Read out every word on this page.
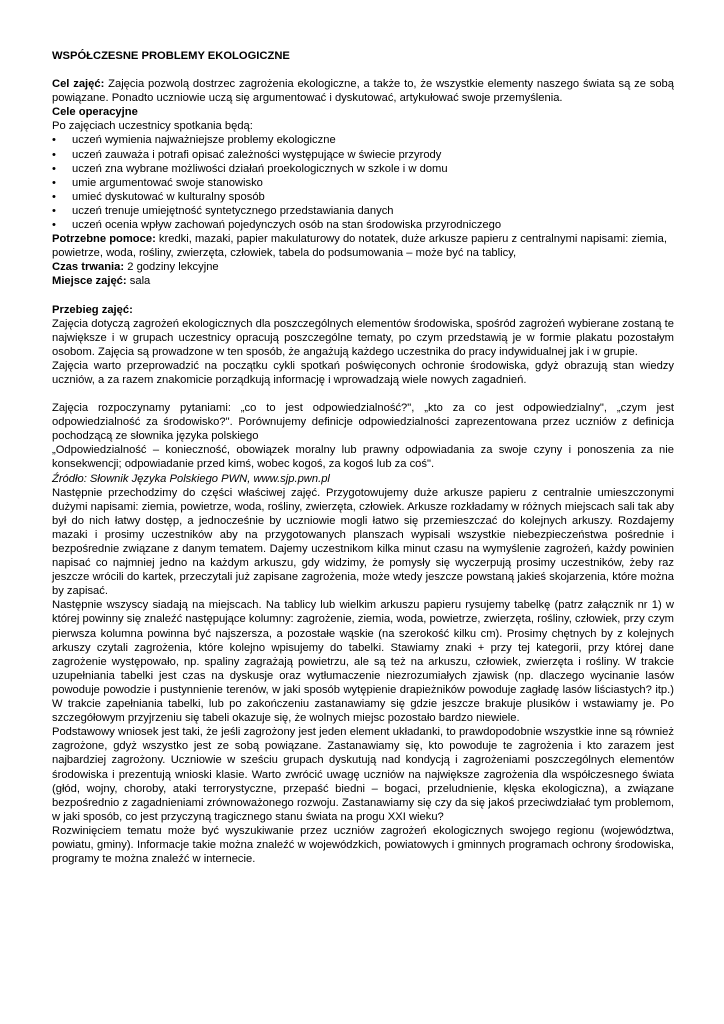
WSPÓŁCZESNE PROBLEMY EKOLOGICZNE

Cel zajęć: Zajęcia pozwolą dostrzec zagrożenia ekologiczne, a także to, że wszystkie elementy naszego świata są ze sobą powiązane. Ponadto uczniowie uczą się argumentować i dyskutować, artykułować swoje przemyślenia.

Cele operacyjne

Po zajęciach uczestnicy spotkania będą:

• uczeń wymienia najważniejsze problemy ekologiczne
• uczeń zauważa i potrafi opisać zależności występujące w świecie przyrody
• uczeń zna wybrane możliwości działań proekologicznych w szkole i w domu
• umie argumentować swoje stanowisko
• umieć dyskutować w kulturalny sposób
• uczeń trenuje umiejętność syntetycznego przedstawiania danych
• uczeń ocenia wpływ zachowań pojedynczych osób na stan środowiska przyrodniczego

Potrzebne pomoce: kredki, mazaki, papier makulaturowy do notatek, duże arkusze papieru z centralnymi napisami: ziemia, powietrze, woda, rośliny, zwierzęta, człowiek, tabela do podsumowania – może być na tablicy,

Czas trwania: 2 godziny lekcyjne

Miejsce zajęć: sala

Przebieg zajęć:

Zajęcia dotyczą zagrożeń ekologicznych dla poszczególnych elementów środowiska, spośród zagrożeń wybierane zostaną te największe i w grupach uczestnicy opracują poszczególne tematy, po czym przedstawią je w formie plakatu pozostałym osobom. Zajęcia są prowadzone w ten sposób, że angażują każdego uczestnika do pracy indywidualnej jak i w grupie.

Zajęcia warto przeprowadzić na początku cykli spotkań poświęconych ochronie środowiska, gdyż obrazują stan wiedzy uczniów, a za razem znakomicie porządkują informację i wprowadzają wiele nowych zagadnień.

Zajęcia rozpoczynamy pytaniami: „co to jest odpowiedzialność?", „kto za co jest odpowiedzialny", „czym jest odpowiedzialność za środowisko?". Porównujemy definicje odpowiedzialności zaprezentowana przez uczniów z definicja pochodzącą ze słownika języka polskiego

„Odpowiedzialność – konieczność, obowiązek moralny lub prawny odpowiadania za swoje czyny i ponoszenia za nie konsekwencji; odpowiadanie przed kimś, wobec kogoś, za kogoś lub za coś".

Źródło: Słownik Języka Polskiego PWN, www.sjp.pwn.pl

Następnie przechodzimy do części właściwej zajęć. Przygotowujemy duże arkusze papieru z centralnie umieszczonymi dużymi napisami: ziemia, powietrze, woda, rośliny, zwierzęta, człowiek. Arkusze rozkładamy w różnych miejscach sali tak aby był do nich łatwy dostęp, a jednocześnie by uczniowie mogli łatwo się przemieszczać do kolejnych arkuszy. Rozdajemy mazaki i prosimy uczestników aby na przygotowanych planszach wypisali wszystkie niebezpieczeństwa pośrednie i bezpośrednie związane z danym tematem. Dajemy uczestnikom kilka minut czasu na wymyślenie zagrożeń, każdy powinien napisać co najmniej jedno na każdym arkuszu, gdy widzimy, że pomysły się wyczerpują prosimy uczestników, żeby raz jeszcze wrócili do kartek, przeczytali już zapisane zagrożenia, może wtedy jeszcze powstaną jakieś skojarzenia, które można by zapisać.

Następnie wszyscy siadają na miejscach. Na tablicy lub wielkim arkuszu papieru rysujemy tabelkę (patrz załącznik nr 1) w której powinny się znaleźć następujące kolumny: zagrożenie, ziemia, woda, powietrze, zwierzęta, rośliny, człowiek, przy czym pierwsza kolumna powinna być najszersza, a pozostałe wąskie (na szerokość kilku cm). Prosimy chętnych by z kolejnych arkuszy czytali zagrożenia, które kolejno wpisujemy do tabelki. Stawiamy znaki + przy tej kategorii, przy której dane zagrożenie występowało, np. spaliny zagrażają powietrzu, ale są też na arkuszu, człowiek, zwierzęta i rośliny. W trakcie uzupełniania tabelki jest czas na dyskusje oraz wytłumaczenie niezrozumiałych zjawisk (np. dlaczego wycinanie lasów powoduje powodzie i pustynnienie terenów, w jaki sposób wytępienie drapieżników powoduje zagładę lasów liściastych? itp.) W trakcie zapełniania tabelki, lub po zakończeniu zastanawiamy się gdzie jeszcze brakuje plusików i wstawiamy je. Po szczegółowym przyjrzeniu się tabeli okazuje się, że wolnych miejsc pozostało bardzo niewiele.

Podstawowy wniosek jest taki, że jeśli zagrożony jest jeden element układanki, to prawdopodobnie wszystkie inne są również zagrożone, gdyż wszystko jest ze sobą powiązane. Zastanawiamy się, kto powoduje te zagrożenia i kto zarazem jest najbardziej zagrożony. Uczniowie w sześciu grupach dyskutują nad kondycją i zagrożeniami poszczególnych elementów środowiska i prezentują wnioski klasie. Warto zwrócić uwagę uczniów na największe zagrożenia dla współczesnego świata (głód, wojny, choroby, ataki terrorystyczne, przepaść biedni – bogaci, przeludnienie, klęska ekologiczna), a związane bezpośrednio z zagadnieniami zrównoważonego rozwoju. Zastanawiamy się czy da się jakoś przeciwdziałać tym problemom, w jaki sposób, co jest przyczyną tragicznego stanu świata na progu XXI wieku?

Rozwinięciem tematu może być wyszukiwanie przez uczniów zagrożeń ekologicznych swojego regionu (województwa, powiatu, gminy). Informacje takie można znaleźć w wojewódzkich, powiatowych i gminnych programach ochrony środowiska, programy te można znaleźć w internecie.
